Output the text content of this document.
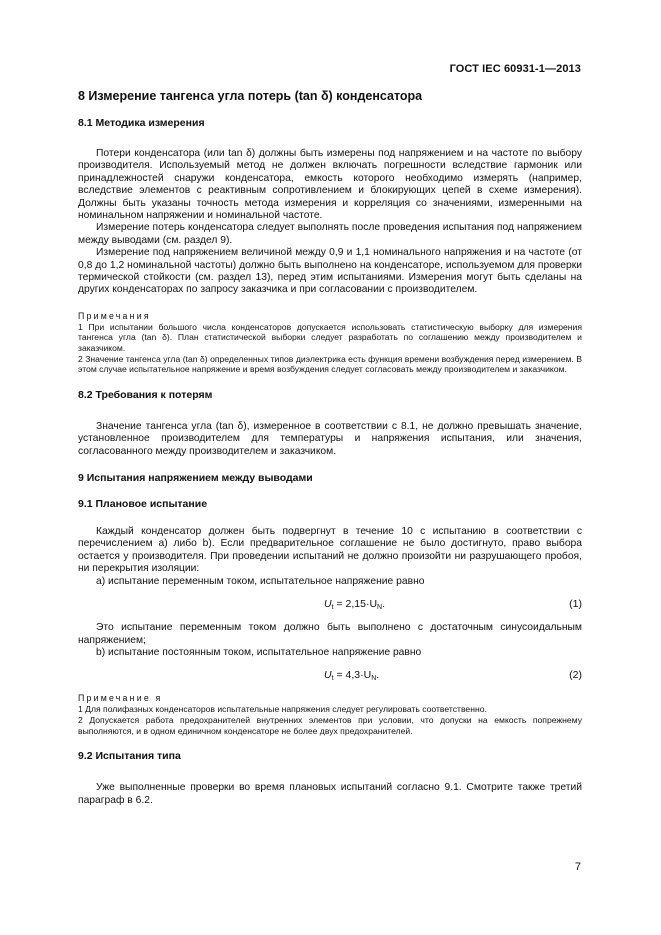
ГОСТ IEC 60931-1—2013
8 Измерение тангенса угла потерь (tan δ) конденсатора
8.1 Методика измерения

Потери конденсатора (или tan δ) должны быть измерены под напряжением и на частоте по выбору производителя. Используемый метод не должен включать погрешности вследствие гармоник или принадлежностей снаружи конденсатора, емкость которого необходимо измерять (например, вследствие элементов с реактивным сопротивлением и блокирующих цепей в схеме измерения). Должны быть указаны точность метода измерения и корреляция со значениями, измеренными на номинальном напряжении и номинальной частоте.

Измерение потерь конденсатора следует выполнять после проведения испытания под напряжением между выводами (см. раздел 9).

Измерение под напряжением величиной между 0,9 и 1,1 номинального напряжения и на частоте (от 0,8 до 1,2 номинальной частоты) должно быть выполнено на конденсаторе, используемом для проверки термической стойкости (см. раздел 13), перед этим испытаниями. Измерения могут быть сделаны на других конденсаторах по запросу заказчика и при согласовании с производителем.

Примечания

1 При испытании большого числа конденсаторов допускается использовать статистическую выборку для измерения тангенса угла (tan δ). План статистической выборки следует разработать по соглашению между производителем и заказчиком.

2 Значение тангенса угла (tan δ) определенных типов диэлектрика есть функция времени возбуждения перед измерением. В этом случае испытательное напряжение и время возбуждения следует согласовать между производителем и заказчиком.

8.2 Требования к потерям

Значение тангенса угла (tan δ), измеренное в соответствии с 8.1, не должно превышать значение, установленное производителем для температуры и напряжения испытания, или значения, согласованного между производителем и заказчиком.

9 Испытания напряжением между выводами
9.1 Плановое испытание

Каждый конденсатор должен быть подвергнут в течение 10 с испытанию в соответствии с перечислением a) либо b). Если предварительное соглашение не было достигнуто, право выбора остается у производителя. При проведении испытаний не должно произойти ни разрушающего пробоя, ни перекрытия изоляции:

a) испытание переменным током, испытательное напряжение равно

$U_t = 2,15\cdot U_N$.	(1)

Это испытание переменным током должно быть выполнено с достаточным синусоидальным напряжением;

b) испытание постоянным током, испытательное напряжение равно

$U_t = 4,3\cdot U_N$.	(2)
Примечание я

1 Для полифазных конденсаторов испытательные напряжения следует регулировать соответственно.

2 Допускается работа предохранителей внутренних элементов при условии, что допуски на емкость попрежнему выполняются, и в одном единичном конденсаторе не более двух предохранителей.

9.2 Испытания типа

Уже выполненные проверки во время плановых испытаний согласно 9.1. Смотрите также третий параграф в 6.2.

7
